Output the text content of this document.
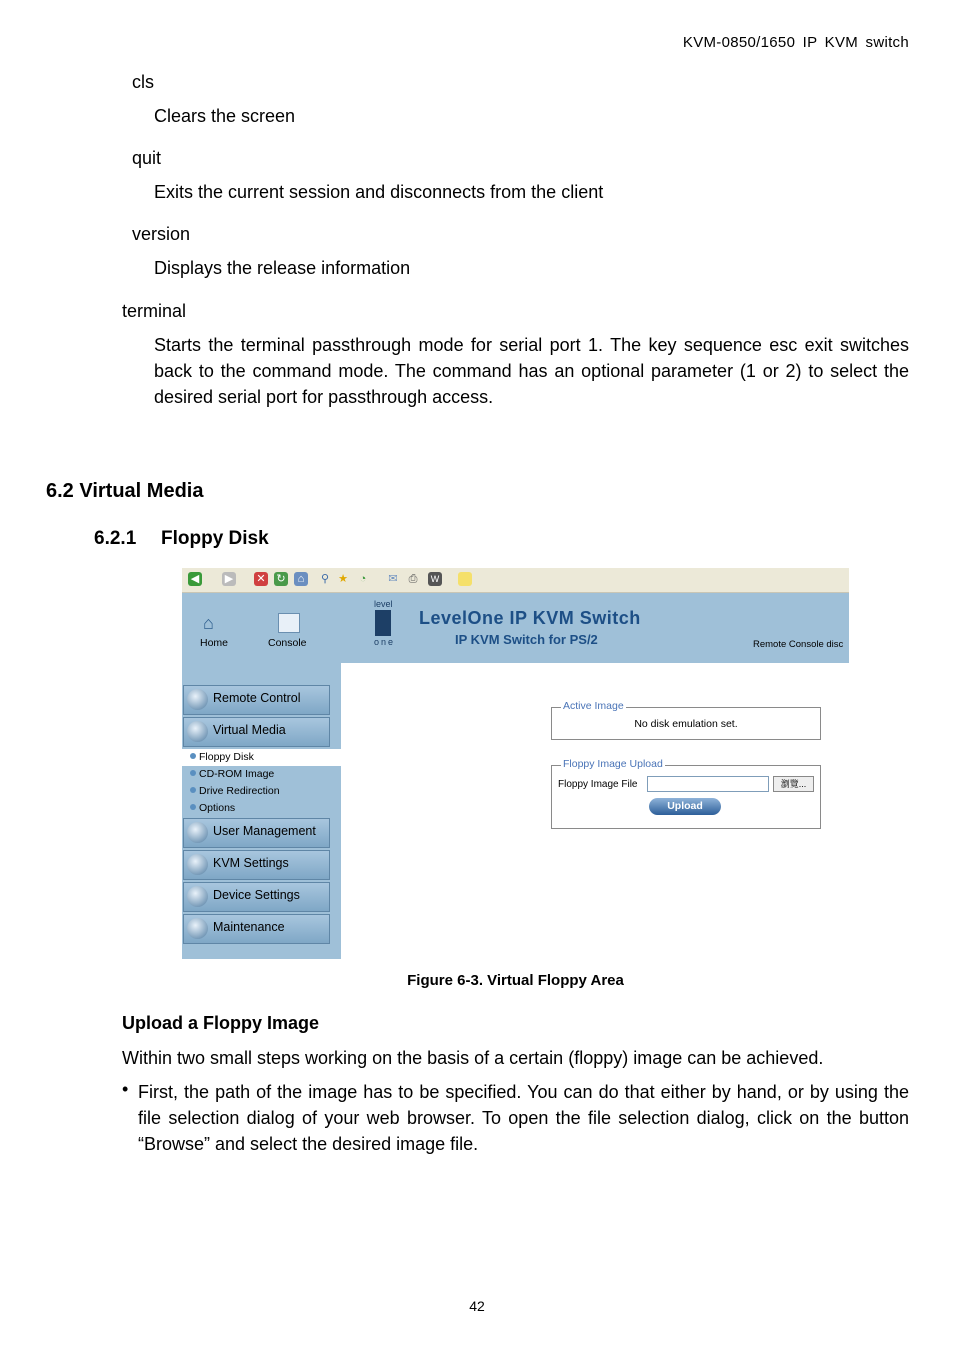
KVM-0850/1650 IP KVM switch
cls
Clears the screen
quit
Exits the current session and disconnects from the client
version
Displays the release information
terminal
Starts the terminal passthrough mode for serial port 1. The key sequence esc exit switches back to the command mode. The command has an optional parameter (1 or 2) to select the desired serial port for passthrough access.
6.2 Virtual Media
6.2.1 Floppy Disk
◀ ▶ ✕ ↻	⌂	⚲ ★	◔	✉ ⎙	W
⌂
Home	Console
level
one
LevelOne IP KVM Switch
IP KVM Switch for PS/2	Remote Console disc
Remote Control
Virtual Media
Floppy Disk
CD-ROM Image
Drive Redirection
Options
User Management
KVM Settings
Device Settings
Maintenance
Active Image
No disk emulation set.
Floppy Image Upload
Floppy Image File	瀏覽...
Upload
Figure 6-3. Virtual Floppy Area
Upload a Floppy Image
Within two small steps working on the basis of a certain (floppy) image can be achieved.
• First, the path of the image has to be specified. You can do that either by hand, or by using the file selection dialog of your web browser. To open the file selection dialog, click on the button “Browse” and select the desired image file.
42
